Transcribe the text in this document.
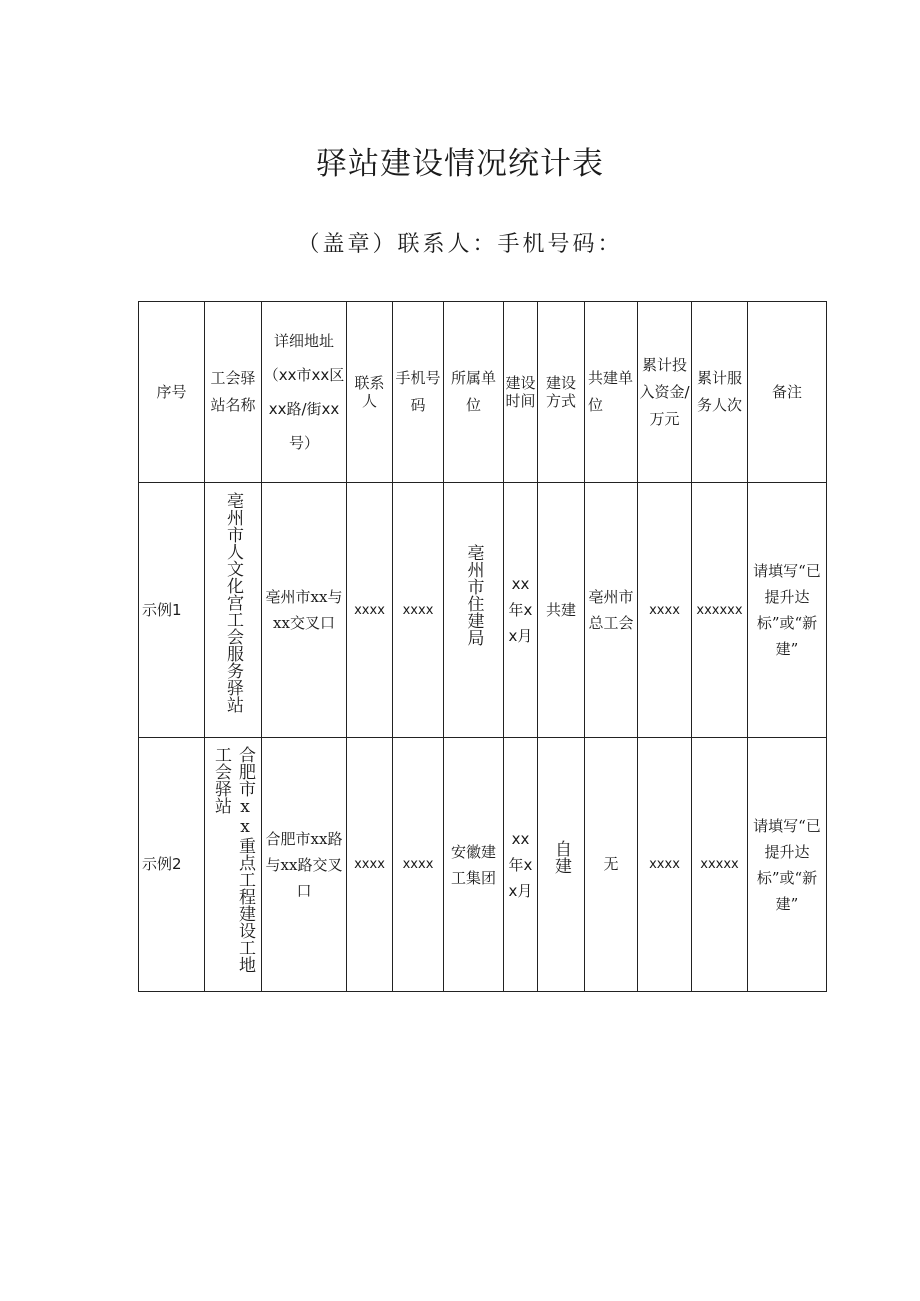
驿站建设情况统计表
（盖章）联系人：手机号码：
序号	工会驿站名称	详细地址（xx市xx区xx路/街xx号）	联系人	手机号码	所属单位	建设时间	建设方式	共建单位	累计投入资金/万元	累计服务人次	备注
示例1	亳州市人文化宫工会服务驿站	亳州市xx与xx交叉口	xxxx	xxxx	亳州市住建局	xx年xx月	共建	亳州市总工会	xxxx	xxxxxx	请填写“已提升达标”或“新建”
示例2	合肥市xx重点工程建设工地工会驿站	合肥市xx路与xx路交叉口	xxxx	xxxx	安徽建工集团	xx年xx月	自建	无	xxxx	xxxxx	请填写“已提升达标”或“新建”
